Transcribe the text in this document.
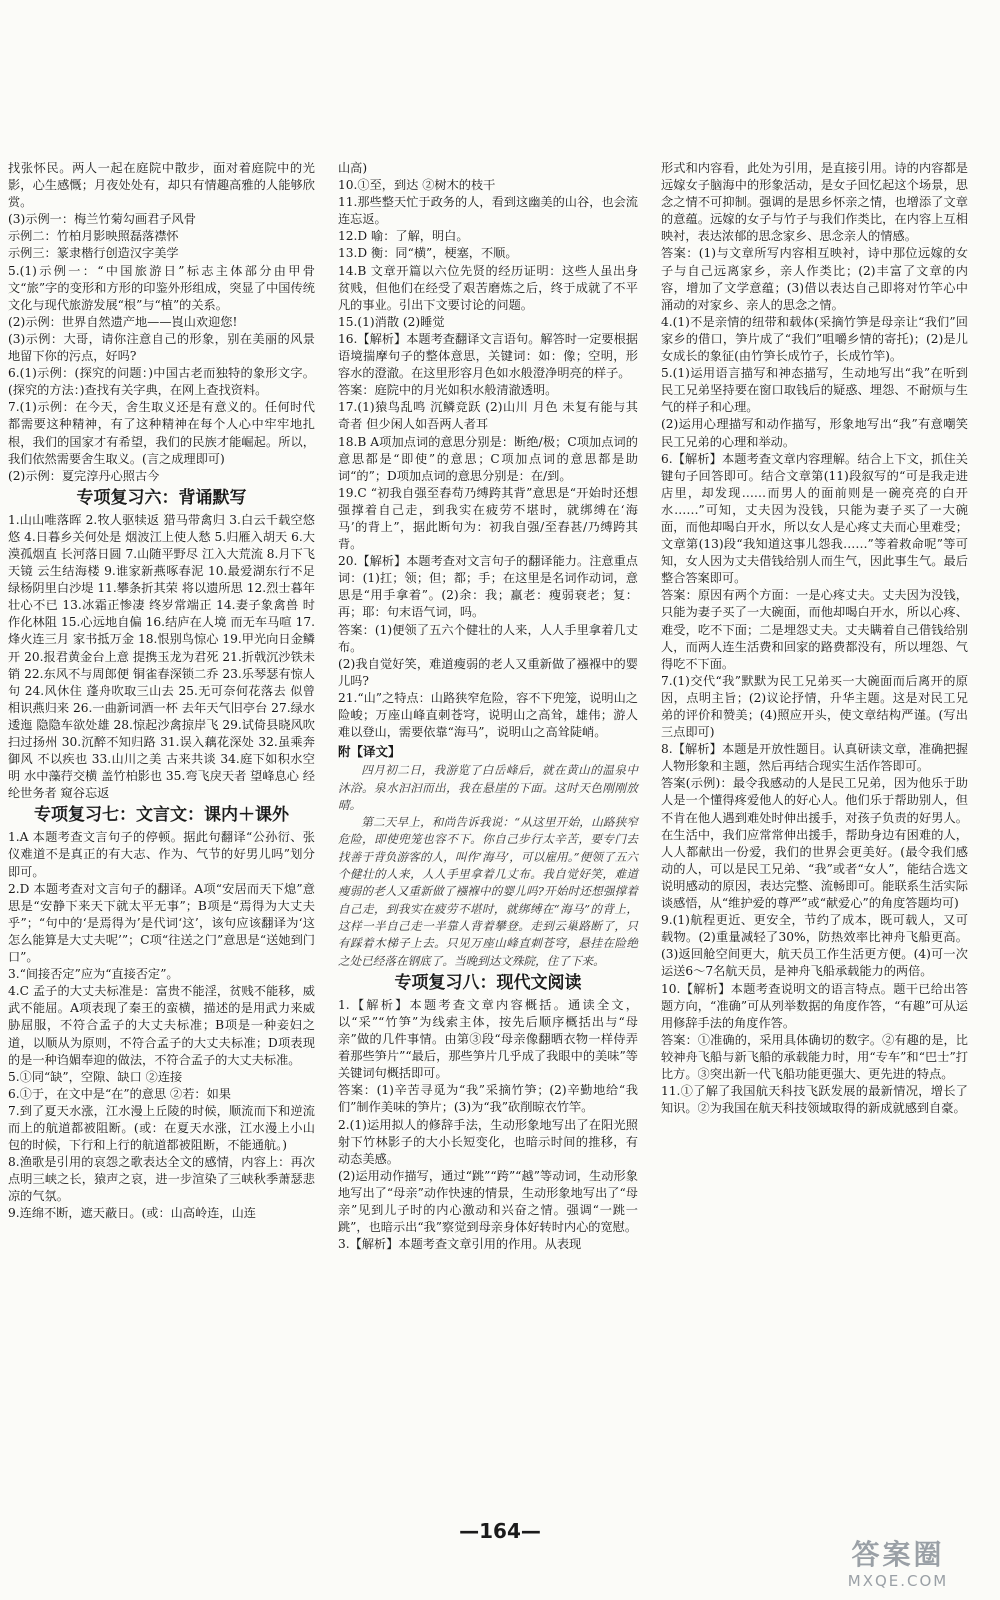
找张怀民。两人一起在庭院中散步，面对着庭院中的光影，心生感慨；月夜处处有，却只有情趣高雅的人能够欣赏。

(3)示例一：梅兰竹菊勾画君子风骨

示例二：竹柏月影映照磊落襟怀

示例三：篆隶楷行创造汉字美学

5.(1)示例一：“中国旅游日”标志主体部分由甲骨文“旅”字的变形和方形的印鉴外形组成，突显了中国传统文化与现代旅游发展“根”与“植”的关系。

(2)示例：世界自然遗产地——崀山欢迎您!

(3)示例：大哥，请你注意自己的形象，别在美丽的风景地留下你的污点，好吗?

6.(1)示例：(探究的问题：)中国古老而独特的象形文字。(探究的方法：)查找有关字典，在网上查找资料。

7.(1)示例：在今天，舍生取义还是有意义的。任何时代都需要这种精神，有了这种精神在每个人心中牢牢地扎根，我们的国家才有希望，我们的民族才能崛起。所以，我们依然需要舍生取义。(言之成理即可)

(2)示例：夏完淳丹心照古今

专项复习六：背诵默写

1.山山唯落晖 2.牧人驱犊返 猎马带禽归 3.白云千载空悠悠 4.日暮乡关何处是 烟波江上使人愁 5.归雁入胡天 6.大漠孤烟直 长河落日圆 7.山随平野尽 江入大荒流 8.月下飞天镜 云生结海楼 9.谁家新燕啄春泥 10.最爱湖东行不足 绿杨阴里白沙堤 11.攀条折其荣 将以遗所思 12.烈士暮年 壮心不已 13.冰霜正惨凄 终岁常端正 14.妻子象禽兽 时作化林阻 15.心远地自偏 16.结庐在人境 而无车马喧 17.烽火连三月 家书抵万金 18.恨别鸟惊心 19.甲光向日金鳞开 20.报君黄金台上意 提携玉龙为君死 21.折戟沉沙铁未销 22.东风不与周郎便 铜雀春深锁二乔 23.乐琴瑟有惊人句 24.风休住 蓬舟吹取三山去 25.无可奈何花落去 似曾相识燕归来 26.一曲新词酒一杯 去年天气旧亭台 27.绿水逶迤 隐隐车欲处雄 28.惊起沙禽掠岸飞 29.试倚县晓风吹扫过扬州 30.沉醉不知归路 31.误入藕花深处 32.虽乘奔御风 不以疾也 33.山川之美 古来共谈 34.庭下如积水空明 水中藻荇交横 盖竹柏影也 35.弯飞戾天者 望峰息心 经纶世务者 窥谷忘返

专项复习七：文言文：课内＋课外

1.A 本题考查文言句子的停顿。据此句翻译“公孙衍、张仪难道不是真正的有大志、作为、气节的好男儿吗”划分即可。

2.D 本题考查对文言句子的翻译。A项“安居而天下熄”意思是“安静下来天下就太平无事”；B项是“焉得为大丈夫乎”；“句中的‘是焉得为’是代词‘这’，该句应该翻译为‘这怎么能算是大丈夫呢’”；C项“往送之门”意思是“送她到门口”。

3.“间接否定”应为“直接否定”。

4.C 孟子的大丈夫标准是：富贵不能淫，贫贱不能移，威武不能屈。A项表现了秦王的蛮横，描述的是用武力来威胁屈服，不符合孟子的大丈夫标准；B项是一种妾妇之道，以顺从为原则，不符合孟子的大丈夫标准；D项表现的是一种诌媚奉迎的做法，不符合孟子的大丈夫标准。

5.①同“缺”，空隙、缺口 ②连接

6.①于，在文中是“在”的意思 ②若：如果

7.到了夏天水涨，江水漫上丘陵的时候，顺流而下和逆流而上的航道都被阻断。(或：在夏天水涨，江水漫上小山包的时候，下行和上行的航道都被阻断，不能通航。)

8.渔歌是引用的哀怨之歌表达全文的感情，内容上：再次点明三峡之长，猿声之哀，进一步渲染了三峡秋季萧瑟悲凉的气氛。

9.连绵不断，遮天蔽日。(或：山高岭连，山连

山高)

10.①至，到达 ②树木的枝干

11.那些整天忙于政务的人，看到这幽美的山谷，也会流连忘返。

12.D 喻：了解，明白。

13.D 衡：同“横”，梗塞，不顺。

14.B 文章开篇以六位先贤的经历证明：这些人虽出身贫贱，但他们在经受了艰苦磨炼之后，终于成就了不平凡的事业。引出下文要讨论的问题。

15.(1)消散 (2)睡觉

16.【解析】本题考查翻译文言语句。解答时一定要根据语境揣摩句子的整体意思，关键词：如：像；空明，形容水的澄澈。在这里形容月色如水般澄净明亮的样子。

答案：庭院中的月光如积水般清澈透明。

17.(1)猿鸟乱鸣 沉鳞竞跃 (2)山川 月色 未复有能与其奇者 但少闲人如吾两人者耳

18.B A项加点词的意思分别是：断绝/极；C项加点词的意思都是“即使”的意思；C项加点词的意思都是助词“的”；D项加点词的意思分别是：在/到。

19.C “初我自强至舂苟乃缚跨其背”意思是“开始时还想强撑着自己走，到我实在疲劳不堪时，就绑缚在‘海马’的背上”，据此断句为：初我自强/至舂甚/乃缚跨其背。

20.【解析】本题考查对文言句子的翻译能力。注意重点词：(1)扛；领；但；都；手；在这里是名词作动词，意思是“用手拿着”。(2)余：我；羸老：瘦弱衰老；复：再；耶：句末语气词，吗。

答案：(1)便领了五六个健壮的人来，人人手里拿着几丈布。

(2)我自觉好笑，难道瘦弱的老人又重新做了襁褓中的婴儿吗?

21.“山”之特点：山路狭窄危险，容不下兜笼，说明山之险峻；万座山峰直刺苍穹，说明山之高耸，雄伟；游人难以登山，需要依靠“海马”，说明山之高耸陡峭。

附【译文】

四月初二日，我游览了白岳峰后，就在黄山的温泉中沐浴。泉水汩汩而出，我在悬崖的下面。这时天色刚刚放晴。

第二天早上，和尚告诉我说：“从这里开始，山路狭窄危险，即使兜笼也容不下。你自己步行太辛苦，要专门去找善于背负游客的人，叫作‘海马’，可以雇用。”便领了五六个健壮的人来，人人手里拿着几丈布。我自觉好笑，难道瘦弱的老人又重新做了襁褓中的婴儿吗?开始时还想强撑着自己走，到我实在疲劳不堪时，就绑缚在“海马”的背上，这样一半自己走一半靠人背着攀登。走到云巢路断了，只有踩着木梯子上去。只见万座山峰直刺苍穹，悬挂在险绝之处已经落在钢底了。当晚到达文殊院，住了下来。

专项复习八：现代文阅读

1.【解析】本题考查文章内容概括。通读全文，以“采”“竹笋”为线索主体，按先后顺序概括出与“母亲”做的几件事情。由第③段“母亲像翻晒衣物一样侍弄着那些笋片”“最后，那些笋片几乎成了我眼中的美味”等关键词句概括即可。

答案：(1)辛苦寻觅为“我”采摘竹笋；(2)辛勤地给“我们”制作美味的笋片；(3)为“我”砍削晾衣竹竿。

2.(1)运用拟人的修辞手法，生动形象地写出了在阳光照射下竹林影子的大小长短变化，也暗示时间的推移，有动态美感。

(2)运用动作描写，通过“跳”“跨”“越”等动词，生动形象地写出了“母亲”动作快速的情景，生动形象地写出了“母亲”见到儿子时的内心激动和兴奋之情。强调“一跳一跳”，也暗示出“我”察觉到母亲身体好转时内心的宽慰。

3.【解析】本题考查文章引用的作用。从表现

形式和内容看，此处为引用，是直接引用。诗的内容都是远嫁女子脑海中的形象活动，是女子回忆起这个场景，思念之情不可抑制。强调的是思乡怀亲之情，也增添了文章的意蕴。远嫁的女子与竹子与我们作类比，在内容上互相映衬，表达浓郁的思念家乡、思念亲人的情感。

答案：(1)与文章所写内容相互映衬，诗中那位远嫁的女子与自己远离家乡，亲人作类比；(2)丰富了文章的内容，增加了文学意蕴；(3)借以表达自己即将对竹竿心中涌动的对家乡、亲人的思念之情。

4.(1)不是亲情的纽带和载体(采摘竹笋是母亲让“我们”回家乡的借口，笋片成了“我们”咀嚼乡情的寄托)；(2)是儿女成长的象征(由竹笋长成竹子，长成竹竿)。

5.(1)运用语言描写和神态描写，生动地写出“我”在听到民工兄弟坚持要在窗口取钱后的疑惑、埋怨、不耐烦与生气的样子和心理。

(2)运用心理描写和动作描写，形象地写出“我”有意嘲笑民工兄弟的心理和举动。

6.【解析】本题考查文章内容理解。结合上下文，抓住关键句子回答即可。结合文章第(11)段叙写的“可是我走进店里，却发现……而男人的面前则是一碗亮亮的白开水……”可知，丈夫因为没钱，只能为妻子买了一大碗面，而他却喝白开水，所以女人是心疼丈夫而心里难受；文章第(13)段“我知道这事儿怨我……”等着救命呢”等可知，女人因为丈夫借钱给别人而生气，因此事生气。最后整合答案即可。

答案：原因有两个方面：一是心疼丈夫。丈夫因为没钱，只能为妻子买了一大碗面，而他却喝白开水，所以心疼、难受，吃不下面；二是埋怨丈夫。丈夫瞒着自己借钱给别人，而两人连生活费和回家的路费都没有，所以埋怨、气得吃不下面。

7.(1)交代“我”默默为民工兄弟买一大碗面而后离开的原因，点明主旨；(2)议论抒情，升华主题。这是对民工兄弟的评价和赞美；(4)照应开头，使文章结构严谨。(写出三点即可)

8.【解析】本题是开放性题目。认真研读文章，准确把握人物形象和主题，然后再结合现实生活作答即可。

答案(示例)：最令我感动的人是民工兄弟，因为他乐于助人是一个懂得疼爱他人的好心人。他们乐于帮助别人，但不肯在他人遇到难处时伸出援手，对孩子负责的好男人。在生活中，我们应常常伸出援手，帮助身边有困难的人，人人都献出一份爱，我们的世界会更美好。(最令我们感动的人，可以是民工兄弟、“我”或者“女人”，能结合选文说明感动的原因，表达完整、流畅即可。能联系生活实际谈感悟，从“维护爱的尊严”或“献爱心”的角度答题均可)

9.(1)航程更近、更安全，节约了成本，既可载人，又可载物。(2)重量减轻了30%，防热效率比神舟飞船更高。(3)返回舱空间更大，航天员工作生活更方便。(4)可一次运送6～7名航天员，是神舟飞船承载能力的两倍。

10.【解析】本题考查说明文的语言特点。题干已给出答题方向，“准确”可从列举数据的角度作答，“有趣”可从运用修辞手法的角度作答。

答案：①准确的，采用具体确切的数字。②有趣的是，比较神舟飞船与新飞船的承载能力时，用“专车”和“巴士”打比方。③突出新一代飞船功能更强大、更先进的特点。

11.①了解了我国航天科技飞跃发展的最新情况，增长了知识。②为我国在航天科技领域取得的新成就感到自豪。

—164—
答案圈
MXQE.COM
